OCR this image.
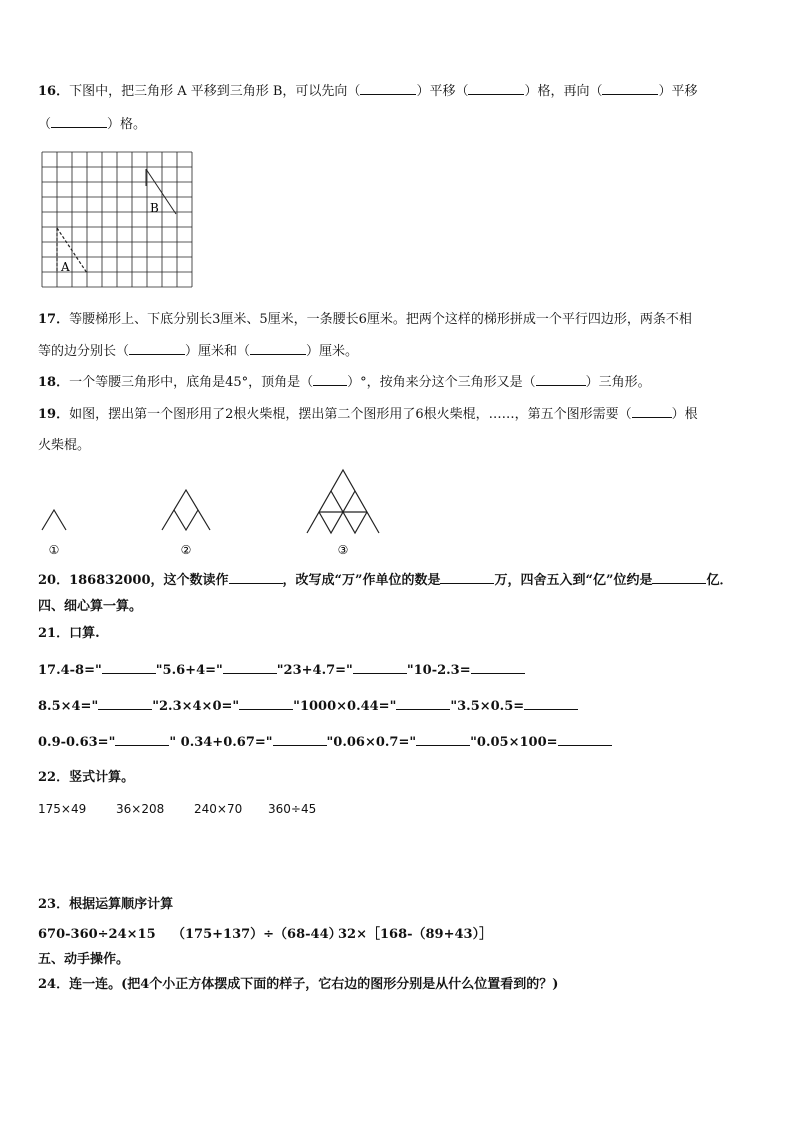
16．下图中，把三角形 A 平移到三角形 B，可以先向（	）平移（	）格，再向（	）平移
（	）格。
B
A
17．等腰梯形上、下底分别长3厘米、5厘米，一条腰长6厘米。把两个这样的梯形拼成一个平行四边形，两条不相
等的边分别长（	）厘米和（	）厘米。
18．一个等腰三角形中，底角是45°，顶角是（	）°，按角来分这个三角形又是（	）三角形。
19．如图，摆出第一个图形用了2根火柴棍，摆出第二个图形用了6根火柴棍，……，第五个图形需要（	）根
火柴棍。
①	②	③
20．186832000，这个数读作	，改写成“万”作单位的数是	万，四舍五入到“亿”位约是	亿．
四、细心算一算。
21．口算.
17.4-8="	"5.6+4="	"23+4.7="	"10-2.3=
8.5×4="	"2.3×4×0="	"1000×0.44="	"3.5×0.5=
0.9-0.63="	" 0.34+0.67="	"0.06×0.7="	"0.05×100=
22．竖式计算。
175×49 36×208 240×70 360÷45
23．根据运算顺序计算
670-360÷24×15 （175+137）÷（68-44）32×［168-（89+43）］
五、动手操作。
24．连一连。(把4个小正方体摆成下面的样子，它右边的图形分别是从什么位置看到的？)
